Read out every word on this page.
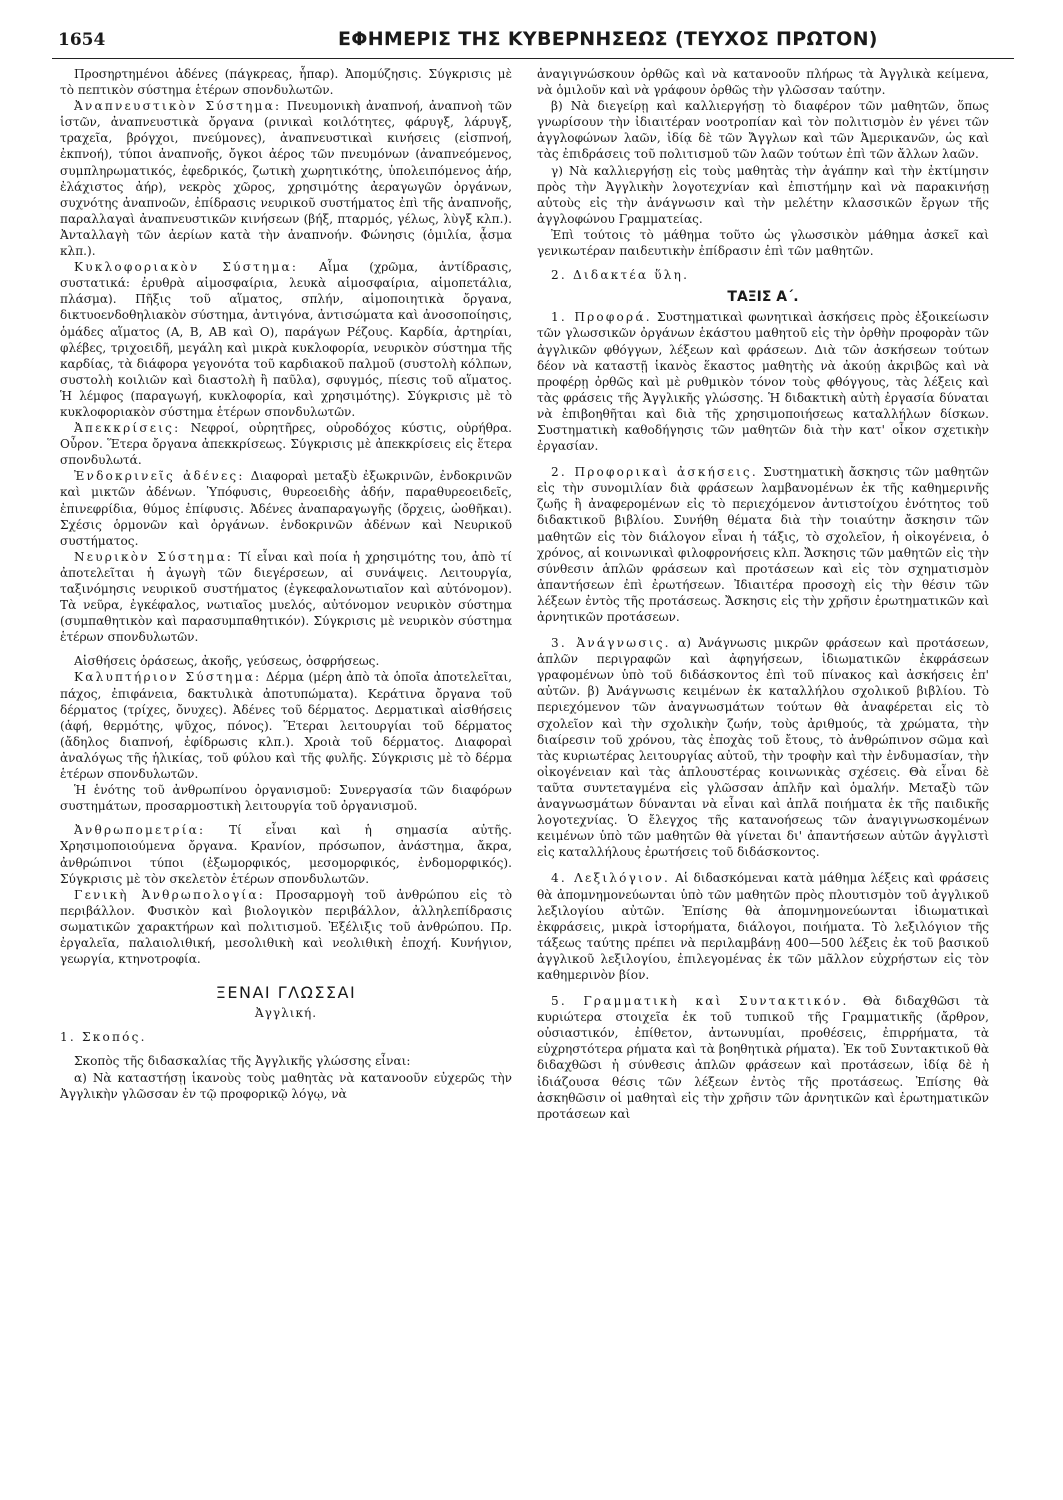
1654	ΕΦΗΜΕΡΙΣ ΤΗΣ ΚΥΒΕΡΝΗΣΕΩΣ (ΤΕΥΧΟΣ ΠΡΩΤΟΝ)

Προσηρτημένοι ἀδένες (πάγκρεας, ἧπαρ). Ἀπομύζησις. Σύγκρισις μὲ τὸ πεπτικὸν σύστημα ἑτέρων σπονδυλωτῶν.

Ἀναπνευστικὸν Σύστημα: Πνευμονικὴ ἀναπνοή, ἀναπνοὴ τῶν ἱστῶν, ἀναπνευστικὰ ὄργανα (ρινικαὶ κοιλότητες, φάρυγξ, λάρυγξ, τραχεῖα, βρόγχοι, πνεύμονες), ἀναπνευστικαὶ κινήσεις (εἰσπνοή, ἐκπνοή), τύποι ἀναπνοῆς, ὄγκοι ἀέρος τῶν πνευμόνων (ἀναπνεόμενος, συμπληρωματικός, ἐφεδρικός, ζωτικὴ χωρητικότης, ὑπολειπόμενος ἀήρ, ἐλάχιστος ἀήρ), νεκρὸς χῶρος, χρησιμότης ἀεραγωγῶν ὀργάνων, συχνότης ἀναπνοῶν, ἐπίδρασις νευρικοῦ συστήματος ἐπὶ τῆς ἀναπνοῆς, παραλλαγαὶ ἀναπνευστικῶν κινήσεων (βήξ, πταρμός, γέλως, λὺγξ κλπ.). Ἀνταλλαγὴ τῶν ἀερίων κατὰ τὴν ἀναπνοήν. Φώνησις (ὁμιλία, ᾆσμα κλπ.).

Κυκλοφοριακὸν Σύστημα: Αἷμα (χρῶμα, ἀντίδρασις, συστατικά: ἐρυθρὰ αἱμοσφαίρια, λευκὰ αἱμοσφαίρια, αἱμοπετάλια, πλάσμα). Πῆξις τοῦ αἵματος, σπλήν, αἱμοποιητικὰ ὄργανα, δικτυοενδοθηλιακὸν σύστημα, ἀντιγόνα, ἀντισώματα καὶ ἀνοσοποίησις, ὁμάδες αἵματος (Α, Β, ΑΒ καὶ Ο), παράγων Ρέζους. Καρδία, ἀρτηρίαι, φλέβες, τριχοειδῆ, μεγάλη καὶ μικρὰ κυκλοφορία, νευρικὸν σύστημα τῆς καρδίας, τὰ διάφορα γεγονότα τοῦ καρδιακοῦ παλμοῦ (συστολὴ κόλπων, συστολὴ κοιλιῶν καὶ διαστολὴ ἢ παῦλα), σφυγμός, πίεσις τοῦ αἵματος. Ἡ λέμφος (παραγωγή, κυκλοφορία, καὶ χρησιμότης). Σύγκρισις μὲ τὸ κυκλοφοριακὸν σύστημα ἑτέρων σπονδυλωτῶν.

Ἀπεκκρίσεις: Νεφροί, οὐρητῆρες, οὐροδόχος κύστις, οὐρήθρα. Οὖρον. Ἕτερα ὄργανα ἀπεκκρίσεως. Σύγκρισις μὲ ἀπεκκρίσεις εἰς ἕτερα σπονδυλωτά.

Ἐνδοκρινεῖς ἀδένες: Διαφοραὶ μεταξὺ ἐξωκρινῶν, ἐνδοκρινῶν καὶ μικτῶν ἀδένων. Ὑπόφυσις, θυρεοειδὴς ἀδήν, παραθυρεοειδεῖς, ἐπινεφρίδια, θύμος ἐπίφυσις. Ἀδένες ἀναπαραγωγῆς (ὄρχεις, ὠοθῆκαι). Σχέσις ὁρμονῶν καὶ ὀργάνων. ἐνδοκρινῶν ἀδένων καὶ Νευρικοῦ συστήματος.

Νευρικὸν Σύστημα: Τί εἶναι καὶ ποία ἡ χρησιμότης του, ἀπὸ τί ἀποτελεῖται ἡ ἀγωγὴ τῶν διεγέρσεων, αἱ συνάψεις. Λειτουργία, ταξινόμησις νευρικοῦ συστήματος (ἐγκεφαλονωτιαῖον καὶ αὐτόνομον). Τὰ νεῦρα, ἐγκέφαλος, νωτιαῖος μυελός, αὐτόνομον νευρικὸν σύστημα (συμπαθητικὸν καὶ παρασυμπαθητικόν). Σύγκρισις μὲ νευρικὸν σύστημα ἑτέρων σπονδυλωτῶν.

Αἰσθήσεις ὁράσεως, ἀκοῆς, γεύσεως, ὀσφρήσεως.

Καλυπτήριον Σύστημα: Δέρμα (μέρη ἀπὸ τὰ ὁποῖα ἀποτελεῖται, πάχος, ἐπιφάνεια, δακτυλικὰ ἀποτυπώματα). Κεράτινα ὄργανα τοῦ δέρματος (τρίχες, ὄνυχες). Ἀδένες τοῦ δέρματος. Δερματικαὶ αἰσθήσεις (ἁφή, θερμότης, ψῦχος, πόνος). Ἕτεραι λειτουργίαι τοῦ δέρματος (ἄδηλος διαπνοή, ἐφίδρωσις κλπ.). Χροιὰ τοῦ δέρματος. Διαφοραὶ ἀναλόγως τῆς ἡλικίας, τοῦ φύλου καὶ τῆς φυλῆς. Σύγκρισις μὲ τὸ δέρμα ἑτέρων σπονδυλωτῶν.

Ἡ ἑνότης τοῦ ἀνθρωπίνου ὀργανισμοῦ: Συνεργασία τῶν διαφόρων συστημάτων, προσαρμοστικὴ λειτουργία τοῦ ὀργανισμοῦ.

Ἀνθρωπομετρία: Τί εἶναι καὶ ἡ σημασία αὐτῆς. Χρησιμοποιούμενα ὄργανα. Κρανίον, πρόσωπον, ἀνάστημα, ἄκρα, ἀνθρώπινοι τύποι (ἐξωμορφικός, μεσομορφικός, ἐνδομορφικός). Σύγκρισις μὲ τὸν σκελετὸν ἑτέρων σπονδυλωτῶν.

Γενικὴ Ἀνθρωπολογία: Προσαρμογὴ τοῦ ἀνθρώπου εἰς τὸ περιβάλλον. Φυσικὸν καὶ βιολογικὸν περιβάλλον, ἀλληλεπίδρασις σωματικῶν χαρακτήρων καὶ πολιτισμοῦ. Ἐξέλιξις τοῦ ἀνθρώπου. Πρ. ἐργαλεῖα, παλαιολιθική, μεσολιθικὴ καὶ νεολιθικὴ ἐποχή. Κυνήγιον, γεωργία, κτηνοτροφία.

ΞΕΝΑΙ ΓΛΩΣΣΑΙ

Ἀγγλική.

1. Σκοπός.

Σκοπὸς τῆς διδασκαλίας τῆς Ἀγγλικῆς γλώσσης εἶναι:

α) Νὰ καταστήσῃ ἱκανοὺς τοὺς μαθητὰς νὰ κατανοοῦν εὐχερῶς τὴν Ἀγγλικὴν γλῶσσαν ἐν τῷ προφορικῷ λόγῳ, νὰ

ἀναγιγνώσκουν ὀρθῶς καὶ νὰ κατανοοῦν πλήρως τὰ Ἀγγλικὰ κείμενα, νὰ ὁμιλοῦν καὶ νὰ γράφουν ὀρθῶς τὴν γλῶσσαν ταύτην.

β) Νὰ διεγείρῃ καὶ καλλιεργήσῃ τὸ διαφέρον τῶν μαθητῶν, ὅπως γνωρίσουν τὴν ἰδιαιτέραν νοοτροπίαν καὶ τὸν πολιτισμὸν ἐν γένει τῶν ἀγγλοφώνων λαῶν, ἰδίᾳ δὲ τῶν Ἄγγλων καὶ τῶν Ἀμερικανῶν, ὡς καὶ τὰς ἐπιδράσεις τοῦ πολιτισμοῦ τῶν λαῶν τούτων ἐπὶ τῶν ἄλλων λαῶν.

γ) Νὰ καλλιεργήσῃ εἰς τοὺς μαθητὰς τὴν ἀγάπην καὶ τὴν ἐκτίμησιν πρὸς τὴν Ἀγγλικὴν λογοτεχνίαν καὶ ἐπιστήμην καὶ νὰ παρακινήσῃ αὐτοὺς εἰς τὴν ἀνάγνωσιν καὶ τὴν μελέτην κλασσικῶν ἔργων τῆς ἀγγλοφώνου Γραμματείας.

Ἐπὶ τούτοις τὸ μάθημα τοῦτο ὡς γλωσσικὸν μάθημα ἀσκεῖ καὶ γενικωτέραν παιδευτικὴν ἐπίδρασιν ἐπὶ τῶν μαθητῶν.

2. Διδακτέα ὕλη.

ΤΑΞΙΣ Α΄.

1. Προφορά. Συστηματικαὶ φωνητικαὶ ἀσκήσεις πρὸς ἐξοικείωσιν τῶν γλωσσικῶν ὀργάνων ἑκάστου μαθητοῦ εἰς τὴν ὀρθὴν προφορὰν τῶν ἀγγλικῶν φθόγγων, λέξεων καὶ φράσεων. Διὰ τῶν ἀσκήσεων τούτων δέον νὰ καταστῇ ἱκανὸς ἕκαστος μαθητὴς νὰ ἀκούῃ ἀκριβῶς καὶ νὰ προφέρῃ ὀρθῶς καὶ μὲ ρυθμικὸν τόνον τοὺς φθόγγους, τὰς λέξεις καὶ τὰς φράσεις τῆς Ἀγγλικῆς γλώσσης. Ἡ διδακτικὴ αὐτὴ ἐργασία δύναται νὰ ἐπιβοηθῆται καὶ διὰ τῆς χρησιμοποιήσεως καταλλήλων δίσκων. Συστηματικὴ καθοδήγησις τῶν μαθητῶν διὰ τὴν κατ' οἶκον σχετικὴν ἐργασίαν.

2. Προφορικαὶ ἀσκήσεις. Συστηματικὴ ἄσκησις τῶν μαθητῶν εἰς τὴν συνομιλίαν διὰ φράσεων λαμβανομένων ἐκ τῆς καθημερινῆς ζωῆς ἢ ἀναφερομένων εἰς τὸ περιεχόμενον ἀντιστοίχου ἑνότητος τοῦ διδακτικοῦ βιβλίου. Συνήθη θέματα διὰ τὴν τοιαύτην ἄσκησιν τῶν μαθητῶν εἰς τὸν διάλογον εἶναι ἡ τάξις, τὸ σχολεῖον, ἡ οἰκογένεια, ὁ χρόνος, αἱ κοινωνικαὶ φιλοφρονήσεις κλπ. Ἄσκησις τῶν μαθητῶν εἰς τὴν σύνθεσιν ἁπλῶν φράσεων καὶ προτάσεων καὶ εἰς τὸν σχηματισμὸν ἀπαντήσεων ἐπὶ ἐρωτήσεων. Ἰδιαιτέρα προσοχὴ εἰς τὴν θέσιν τῶν λέξεων ἐντὸς τῆς προτάσεως. Ἄσκησις εἰς τὴν χρῆσιν ἐρωτηματικῶν καὶ ἀρνητικῶν προτάσεων.

3. Ἀνάγνωσις. α) Ἀνάγνωσις μικρῶν φράσεων καὶ προτάσεων, ἁπλῶν περιγραφῶν καὶ ἀφηγήσεων, ἰδιωματικῶν ἐκφράσεων γραφομένων ὑπὸ τοῦ διδάσκοντος ἐπὶ τοῦ πίνακος καὶ ἀσκήσεις ἐπ' αὐτῶν. β) Ἀνάγνωσις κειμένων ἐκ καταλλήλου σχολικοῦ βιβλίου. Τὸ περιεχόμενον τῶν ἀναγνωσμάτων τούτων θὰ ἀναφέρεται εἰς τὸ σχολεῖον καὶ τὴν σχολικὴν ζωήν, τοὺς ἀριθμούς, τὰ χρώματα, τὴν διαίρεσιν τοῦ χρόνου, τὰς ἐποχὰς τοῦ ἔτους, τὸ ἀνθρώπινον σῶμα καὶ τὰς κυριωτέρας λειτουργίας αὐτοῦ, τὴν τροφὴν καὶ τὴν ἐνδυμασίαν, τὴν οἰκογένειαν καὶ τὰς ἁπλουστέρας κοινωνικὰς σχέσεις. Θὰ εἶναι δὲ ταῦτα συντεταγμένα εἰς γλῶσσαν ἁπλῆν καὶ ὁμαλήν. Μεταξὺ τῶν ἀναγνωσμάτων δύνανται νὰ εἶναι καὶ ἁπλᾶ ποιήματα ἐκ τῆς παιδικῆς λογοτεχνίας. Ὁ ἔλεγχος τῆς κατανοήσεως τῶν ἀναγιγνωσκομένων κειμένων ὑπὸ τῶν μαθητῶν θὰ γίνεται δι' ἀπαντήσεων αὐτῶν ἀγγλιστὶ εἰς καταλλήλους ἐρωτήσεις τοῦ διδάσκοντος.

4. Λεξιλόγιον. Αἱ διδασκόμεναι κατὰ μάθημα λέξεις καὶ φράσεις θὰ ἀπομνημονεύωνται ὑπὸ τῶν μαθητῶν πρὸς πλουτισμὸν τοῦ ἀγγλικοῦ λεξιλογίου αὐτῶν. Ἐπίσης θὰ ἀπομνημονεύωνται ἰδιωματικαὶ ἐκφράσεις, μικρὰ ἱστορήματα, διάλογοι, ποιήματα. Τὸ λεξιλόγιον τῆς τάξεως ταύτης πρέπει νὰ περιλαμβάνῃ 400—500 λέξεις ἐκ τοῦ βασικοῦ ἀγγλικοῦ λεξιλογίου, ἐπιλεγομένας ἐκ τῶν μᾶλλον εὐχρήστων εἰς τὸν καθημερινὸν βίον.

5. Γραμματικὴ καὶ Συντακτικόν. Θὰ διδαχθῶσι τὰ κυριώτερα στοιχεῖα ἐκ τοῦ τυπικοῦ τῆς Γραμματικῆς (ἄρθρον, οὐσιαστικόν, ἐπίθετον, ἀντωνυμίαι, προθέσεις, ἐπιρρήματα, τὰ εὐχρηστότερα ρήματα καὶ τὰ βοηθητικὰ ρήματα). Ἐκ τοῦ Συντακτικοῦ θὰ διδαχθῶσι ἡ σύνθεσις ἁπλῶν φράσεων καὶ προτάσεων, ἰδίᾳ δὲ ἡ ἰδιάζουσα θέσις τῶν λέξεων ἐντὸς τῆς προτάσεως. Ἐπίσης θὰ ἀσκηθῶσιν οἱ μαθηταὶ εἰς τὴν χρῆσιν τῶν ἀρνητικῶν καὶ ἐρωτηματικῶν προτάσεων καὶ
